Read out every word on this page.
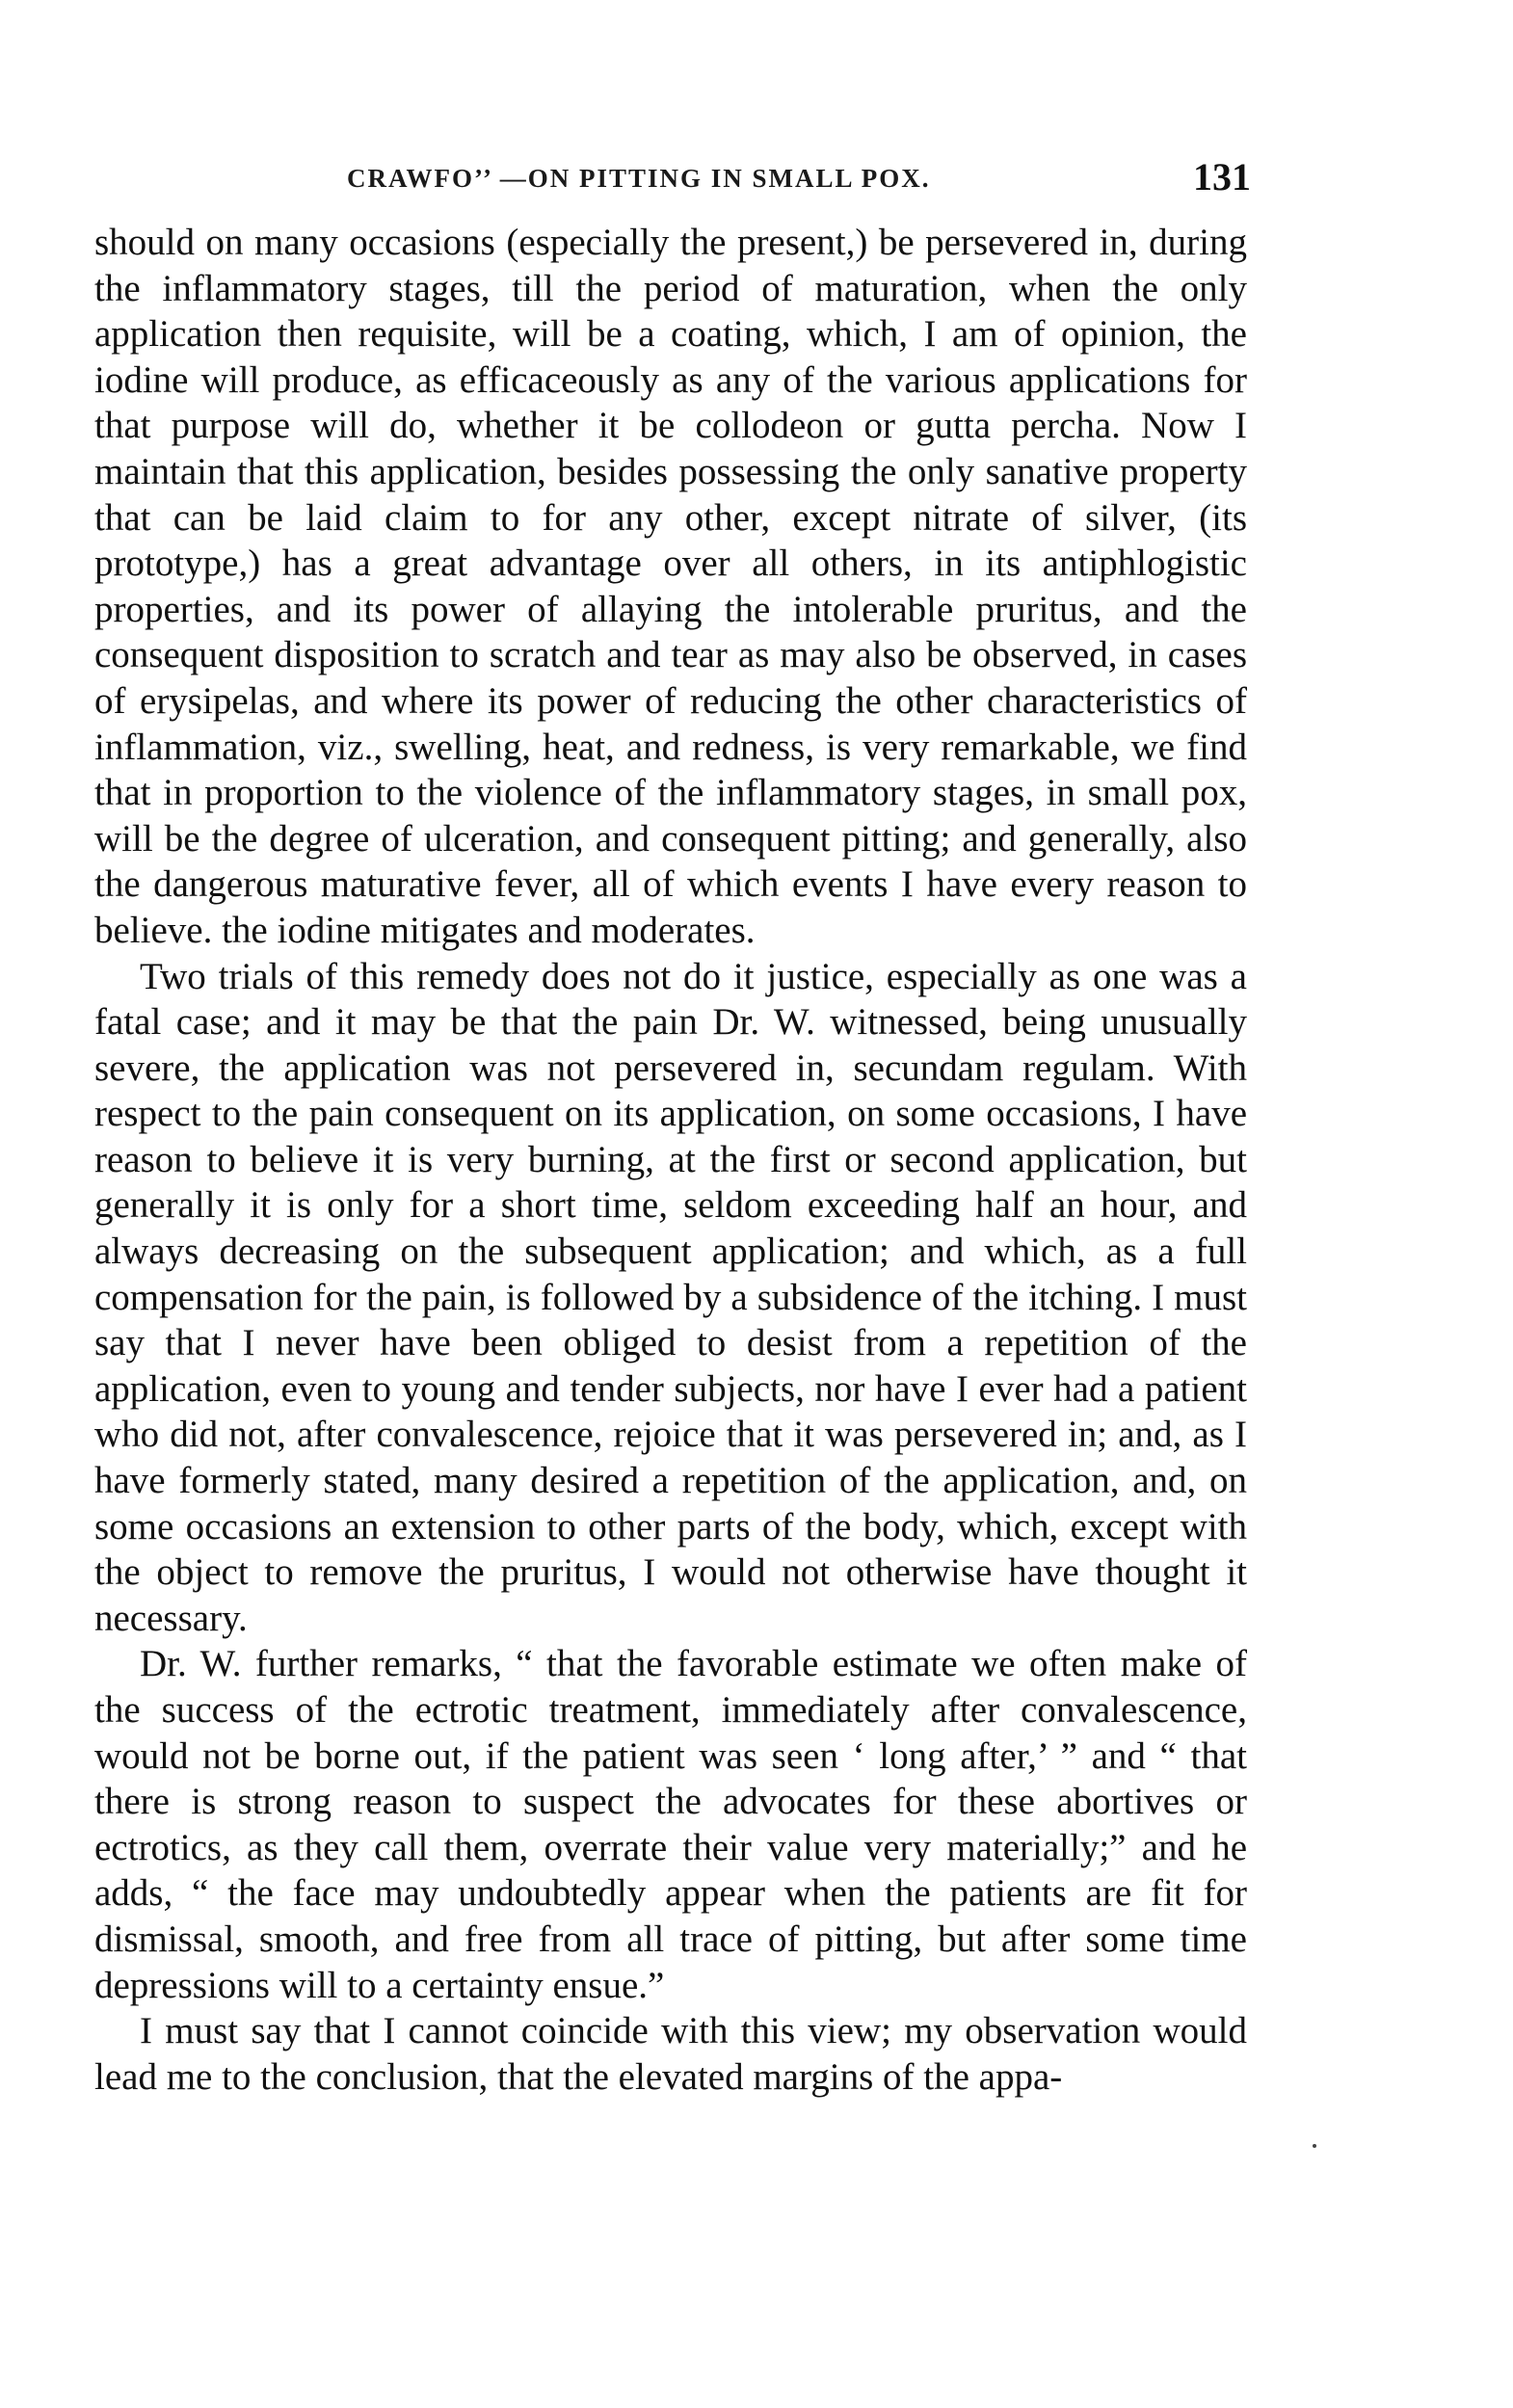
CRAWFO’’ —ON PITTING IN SMALL POX.	131

should on many occasions (especially the present,) be persevered in, during the inflammatory stages, till the period of maturation, when the only application then requisite, will be a coating, which, I am of opinion, the iodine will produce, as efficaceously as any of the various applications for that purpose will do, whether it be collodeon or gutta percha. Now I maintain that this application, besides possessing the only sanative property that can be laid claim to for any other, except nitrate of silver, (its prototype,) has a great advantage over all others, in its antiphlogistic properties, and its power of allaying the intolerable pruritus, and the consequent disposition to scratch and tear as may also be observed, in cases of erysipelas, and where its power of reducing the other characteristics of inflammation, viz., swelling, heat, and redness, is very remarkable, we find that in proportion to the violence of the inflammatory stages, in small pox, will be the degree of ulceration, and consequent pitting; and generally, also the dangerous maturative fever, all of which events I have every reason to believe. the iodine mitigates and moderates.

Two trials of this remedy does not do it justice, especially as one was a fatal case; and it may be that the pain Dr. W. witnessed, being unusually severe, the application was not persevered in, secundam regulam. With respect to the pain consequent on its application, on some occasions, I have reason to believe it is very burning, at the first or second application, but generally it is only for a short time, seldom exceeding half an hour, and always decreasing on the subsequent application; and which, as a full compensation for the pain, is followed by a subsidence of the itching. I must say that I never have been obliged to desist from a repetition of the application, even to young and tender subjects, nor have I ever had a patient who did not, after convalescence, rejoice that it was persevered in; and, as I have formerly stated, many desired a repetition of the application, and, on some occasions an extension to other parts of the body, which, except with the object to remove the pruritus, I would not otherwise have thought it necessary.

Dr. W. further remarks, “ that the favorable estimate we often make of the success of the ectrotic treatment, immediately after convalescence, would not be borne out, if the patient was seen ‘ long after,’ ” and “ that there is strong reason to suspect the advocates for these abortives or ectrotics, as they call them, overrate their value very materially;” and he adds, “ the face may undoubtedly appear when the patients are fit for dismissal, smooth, and free from all trace of pitting, but after some time depressions will to a certainty ensue.”

I must say that I cannot coincide with this view; my observation would lead me to the conclusion, that the elevated margins of the appa-
